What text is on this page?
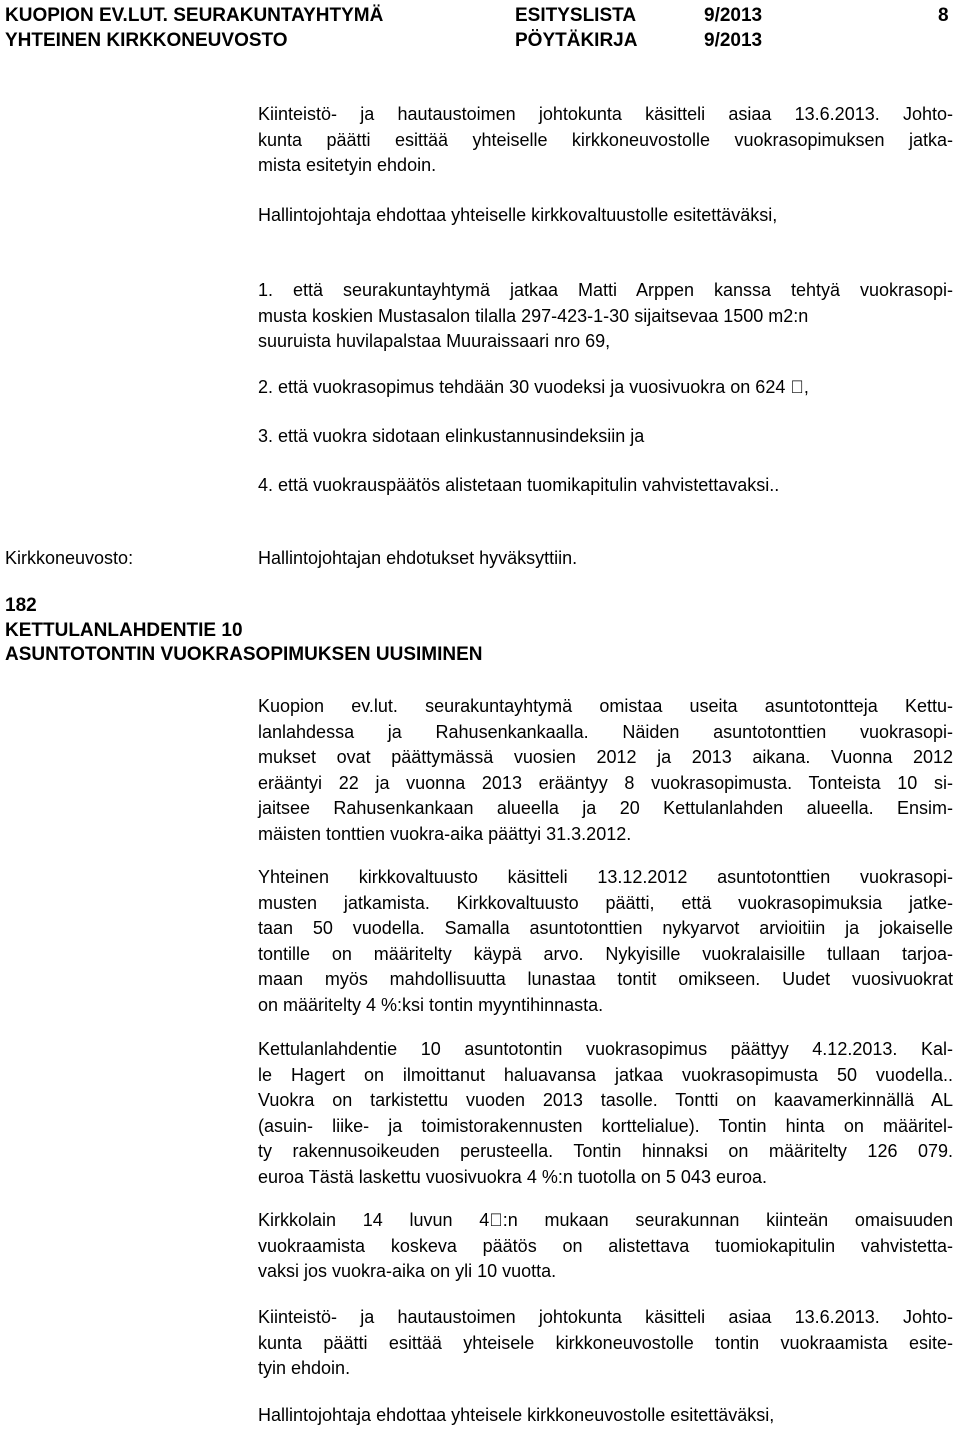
KUOPION EV.LUT. SEURAKUNTAYHTYMÄ
YHTEINEN KIRKKONEUVOSTO
ESITYSLISTA
PÖYTÄKIRJA
9/2013
9/2013
8
Kiinteistö- ja hautaustoimen johtokunta käsitteli asiaa 13.6.2013. Johto-
kunta päätti esittää yhteiselle kirkkoneuvostolle vuokrasopimuksen jatka-
mista esitetyin ehdoin.
Hallintojohtaja ehdottaa yhteiselle kirkkovaltuustolle esitettäväksi,
1. että seurakuntayhtymä jatkaa Matti Arppen kanssa tehtyä vuokrasopi-
musta koskien Mustasalon tilalla 297-423-1-30 sijaitsevaa 1500 m2:n
suuruista huvilapalstaa Muuraissaari nro 69,
2. että vuokrasopimus tehdään 30 vuodeksi ja vuosivuokra on 624 ,
3. että vuokra sidotaan elinkustannusindeksiin ja
4. että vuokrauspäätös alistetaan tuomikapitulin vahvistettavaksi..
Kirkkoneuvosto:	Hallintojohtajan ehdotukset hyväksyttiin.
182
KETTULANLAHDENTIE 10
ASUNTOTONTIN VUOKRASOPIMUKSEN UUSIMINEN
Kuopion ev.lut. seurakuntayhtymä omistaa useita asuntotontteja Kettu-
lanlahdessa ja Rahusenkankaalla. Näiden asuntotonttien vuokrasopi-
mukset ovat päättymässä vuosien 2012 ja 2013 aikana. Vuonna 2012
erääntyi 22 ja vuonna 2013 erääntyy 8 vuokrasopimusta. Tonteista 10 si-
jaitsee Rahusenkankaan alueella ja 20 Kettulanlahden alueella. Ensim-
mäisten tonttien vuokra-aika päättyi 31.3.2012.
Yhteinen kirkkovaltuusto käsitteli 13.12.2012 asuntotonttien vuokrasopi-
musten jatkamista. Kirkkovaltuusto päätti, että vuokrasopimuksia jatke-
taan 50 vuodella. Samalla asuntotonttien nykyarvot arvioitiin ja jokaiselle
tontille on määritelty käypä arvo. Nykyisille vuokralaisille tullaan tarjoa-
maan myös mahdollisuutta lunastaa tontit omikseen. Uudet vuosivuokrat
on määritelty 4 %:ksi tontin myyntihinnasta.
Kettulanlahdentie 10 asuntotontin vuokrasopimus päättyy 4.12.2013. Kal-
le Hagert on ilmoittanut haluavansa jatkaa vuokrasopimusta 50 vuodella..
Vuokra on tarkistettu vuoden 2013 tasolle. Tontti on kaavamerkinnällä AL
(asuin- liike- ja toimistorakennusten korttelialue). Tontin hinta on määritel-
ty rakennusoikeuden perusteella. Tontin hinnaksi on määritelty 126 079.
euroa Tästä laskettu vuosivuokra 4 %:n tuotolla on 5 043 euroa.
Kirkkolain 14 luvun 4 :n mukaan seurakunnan kiinteän omaisuuden
vuokraamista koskeva päätös on alistettava tuomiokapitulin vahvistetta-
vaksi jos vuokra-aika on yli 10 vuotta.
Kiinteistö- ja hautaustoimen johtokunta käsitteli asiaa 13.6.2013. Johto-
kunta päätti esittää yhteisele kirkkoneuvostolle tontin vuokraamista esite-
tyin ehdoin.
Hallintojohtaja ehdottaa yhteisele kirkkoneuvostolle esitettäväksi,
